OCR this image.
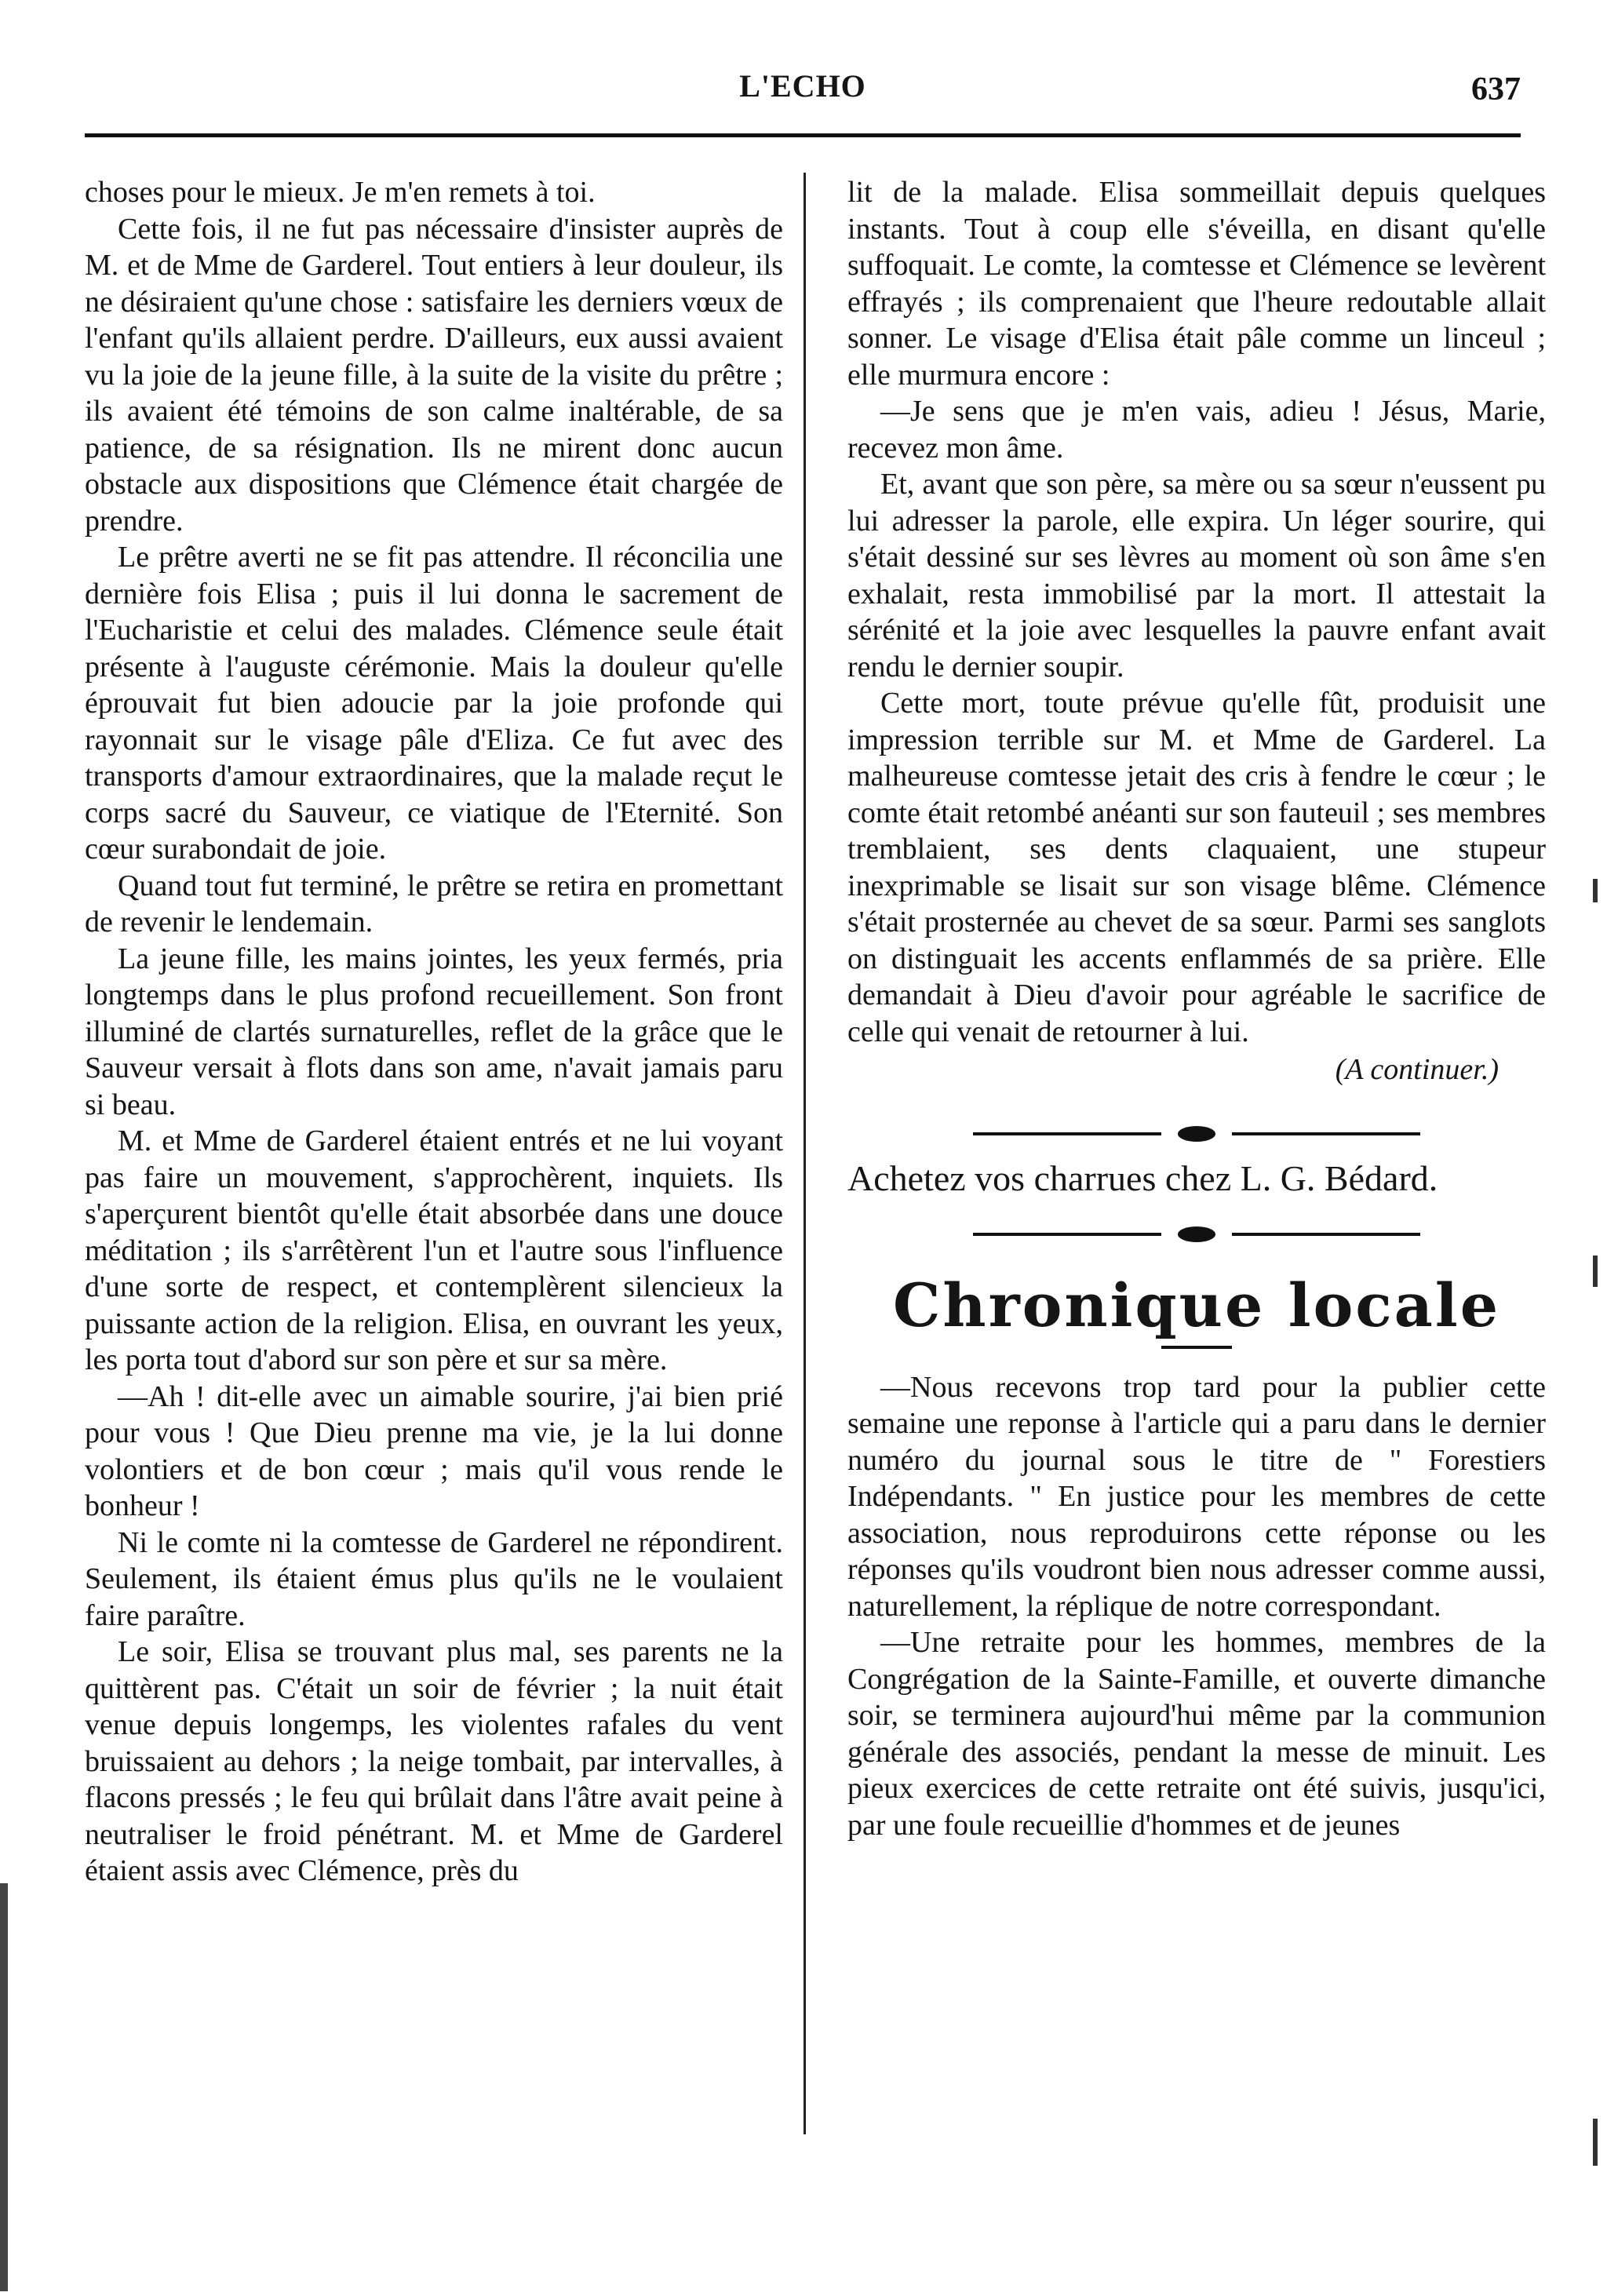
L'ECHO	637

choses pour le mieux. Je m'en remets à toi.

Cette fois, il ne fut pas nécessaire d'insister auprès de M. et de Mme de Garderel. Tout entiers à leur douleur, ils ne désiraient qu'une chose : satisfaire les derniers vœux de l'enfant qu'ils allaient perdre. D'ailleurs, eux aussi avaient vu la joie de la jeune fille, à la suite de la visite du prêtre ; ils avaient été témoins de son calme inaltérable, de sa patience, de sa résignation. Ils ne mirent donc aucun obstacle aux dispositions que Clémence était chargée de prendre.

Le prêtre averti ne se fit pas attendre. Il réconcilia une dernière fois Elisa ; puis il lui donna le sacrement de l'Eucharistie et celui des malades. Clémence seule était présente à l'auguste cérémonie. Mais la douleur qu'elle éprouvait fut bien adoucie par la joie profonde qui rayonnait sur le visage pâle d'Eliza. Ce fut avec des transports d'amour extraordinaires, que la malade reçut le corps sacré du Sauveur, ce viatique de l'Eternité. Son cœur surabondait de joie.

Quand tout fut terminé, le prêtre se retira en promettant de revenir le lendemain.

La jeune fille, les mains jointes, les yeux fermés, pria longtemps dans le plus profond recueillement. Son front illuminé de clartés surnaturelles, reflet de la grâce que le Sauveur versait à flots dans son ame, n'avait jamais paru si beau.

M. et Mme de Garderel étaient entrés et ne lui voyant pas faire un mouvement, s'approchèrent, inquiets. Ils s'aperçurent bientôt qu'elle était absorbée dans une douce méditation ; ils s'arrêtèrent l'un et l'autre sous l'influence d'une sorte de respect, et contemplèrent silencieux la puissante action de la religion. Elisa, en ouvrant les yeux, les porta tout d'abord sur son père et sur sa mère.

—Ah ! dit-elle avec un aimable sourire, j'ai bien prié pour vous ! Que Dieu prenne ma vie, je la lui donne volontiers et de bon cœur ; mais qu'il vous rende le bonheur !

Ni le comte ni la comtesse de Garderel ne répondirent. Seulement, ils étaient émus plus qu'ils ne le voulaient faire paraître.

Le soir, Elisa se trouvant plus mal, ses parents ne la quittèrent pas. C'était un soir de février ; la nuit était venue depuis longemps, les violentes rafales du vent bruissaient au dehors ; la neige tombait, par intervalles, à flacons pressés ; le feu qui brûlait dans l'âtre avait peine à neutraliser le froid pénétrant. M. et Mme de Garderel étaient assis avec Clémence, près du

lit de la malade. Elisa sommeillait depuis quelques instants. Tout à coup elle s'éveilla, en disant qu'elle suffoquait. Le comte, la comtesse et Clémence se levèrent effrayés ; ils comprenaient que l'heure redoutable allait sonner. Le visage d'Elisa était pâle comme un linceul ; elle murmura encore :

—Je sens que je m'en vais, adieu ! Jésus, Marie, recevez mon âme.

Et, avant que son père, sa mère ou sa sœur n'eussent pu lui adresser la parole, elle expira. Un léger sourire, qui s'était dessiné sur ses lèvres au moment où son âme s'en exhalait, resta immobilisé par la mort. Il attestait la sérénité et la joie avec lesquelles la pauvre enfant avait rendu le dernier soupir.

Cette mort, toute prévue qu'elle fût, produisit une impression terrible sur M. et Mme de Garderel. La malheureuse comtesse jetait des cris à fendre le cœur ; le comte était retombé anéanti sur son fauteuil ; ses membres tremblaient, ses dents claquaient, une stupeur inexprimable se lisait sur son visage blême. Clémence s'était prosternée au chevet de sa sœur. Parmi ses sanglots on distinguait les accents enflammés de sa prière. Elle demandait à Dieu d'avoir pour agréable le sacrifice de celle qui venait de retourner à lui.

(A continuer.)

Achetez vos charrues chez L. G. Bédard.

Chronique locale

—Nous recevons trop tard pour la publier cette semaine une reponse à l'article qui a paru dans le dernier numéro du journal sous le titre de " Forestiers Indépendants. " En justice pour les membres de cette association, nous reproduirons cette réponse ou les réponses qu'ils voudront bien nous adresser comme aussi, naturellement, la réplique de notre correspondant.

—Une retraite pour les hommes, membres de la Congrégation de la Sainte-Famille, et ouverte dimanche soir, se terminera aujourd'hui même par la communion générale des associés, pendant la messe de minuit. Les pieux exercices de cette retraite ont été suivis, jusqu'ici, par une foule recueillie d'hommes et de jeunes
